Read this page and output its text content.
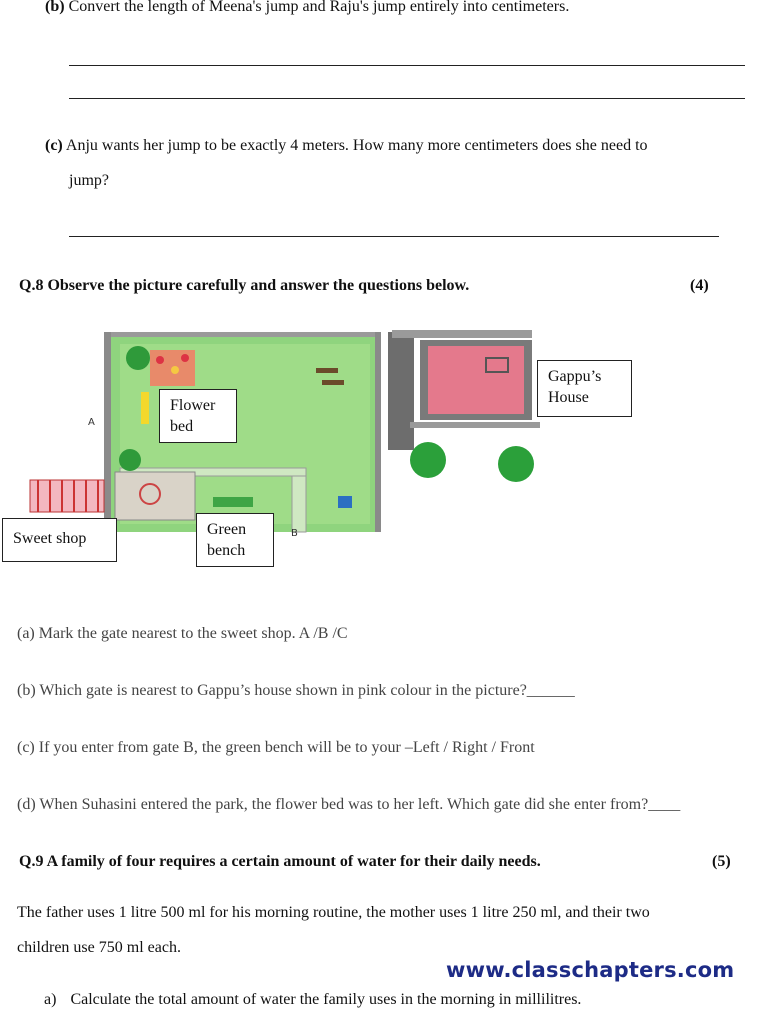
(b) Convert the length of Meena's jump and Raju's jump entirely into centimeters.
(c) Anju wants her jump to be exactly 4 meters. How many more centimeters does she need to
jump?
Q.8 Observe the picture carefully and answer the questions below.	(4)
A
B
Gappu’s
House
Flower
bed
Sweet shop
Green
bench
(a) Mark the gate nearest to the sweet shop. A /B /C
(b) Which gate is nearest to Gappu’s house shown in pink colour in the picture?______
(c) If you enter from gate B, the green bench will be to your –Left / Right / Front
(d) When Suhasini entered the park, the flower bed was to her left. Which gate did she enter from?____
Q.9 A family of four requires a certain amount of water for their daily needs.	(5)
The father uses 1 litre 500 ml for his morning routine, the mother uses 1 litre 250 ml, and their two
children use 750 ml each.
www.classchapters.com
a) Calculate the total amount of water the family uses in the morning in millilitres.
